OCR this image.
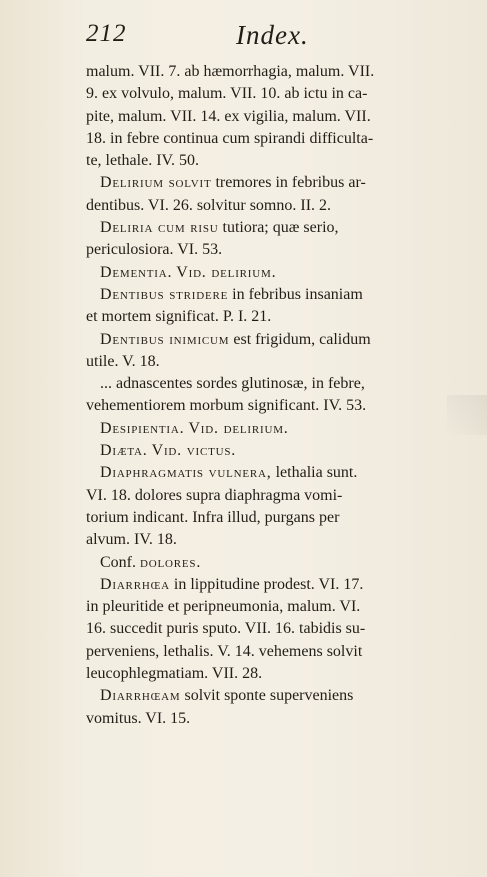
212	Index.

malum. VII. 7. ab hæmorrhagia, malum. VII.

9. ex volvulo, malum. VII. 10. ab ictu in ca-

pite, malum. VII. 14. ex vigilia, malum. VII.

18. in febre continua cum spirandi difficulta-

te, lethale. IV. 50.

Delirium solvit tremores in febribus ar-

dentibus. VI. 26. solvitur somno. II. 2.

Deliria cum risu tutiora; quæ serio,

periculosiora. VI. 53.

Dementia. Vid. delirium.

Dentibus stridere in febribus insaniam

et mortem significat. P. I. 21.

Dentibus inimicum est frigidum, calidum

utile. V. 18.

... adnascentes sordes glutinosæ, in febre,

vehementiorem morbum significant. IV. 53.

Desipientia. Vid. delirium.

Diæta. Vid. victus.

Diaphragmatis vulnera, lethalia sunt.

VI. 18. dolores supra diaphragma vomi-

torium indicant. Infra illud, purgans per

alvum. IV. 18.

Conf. dolores.

Diarrhœa in lippitudine prodest. VI. 17.

in pleuritide et peripneumonia, malum. VI.

16. succedit puris sputo. VII. 16. tabidis su-

perveniens, lethalis. V. 14. vehemens solvit

leucophlegmatiam. VII. 28.

Diarrhœam solvit sponte superveniens

vomitus. VI. 15.
